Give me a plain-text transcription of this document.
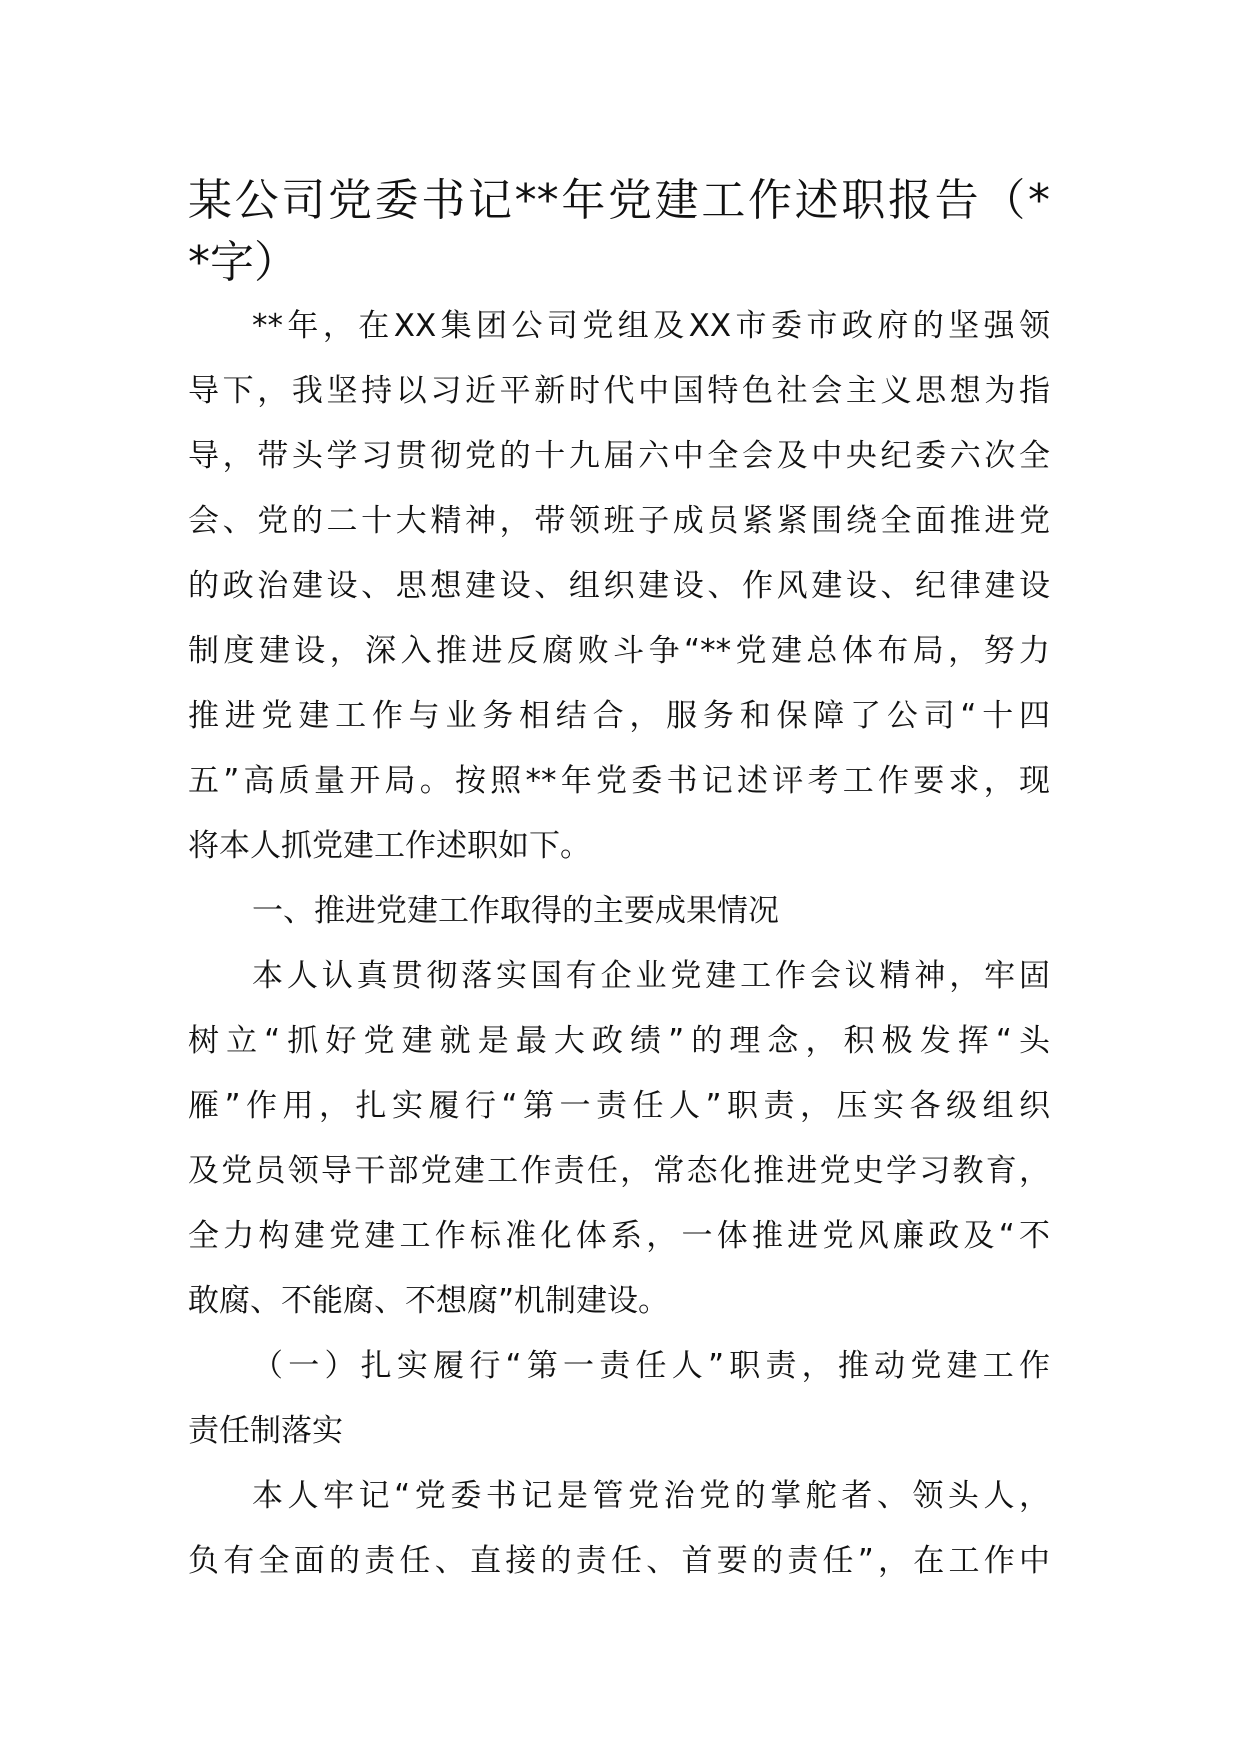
某公司党委书记**年党建工作述职报告（*
*字）
**年，在XX集团公司党组及XX市委市政府的坚强领
导下，我坚持以习近平新时代中国特色社会主义思想为指
导，带头学习贯彻党的十九届六中全会及中央纪委六次全
会、党的二十大精神，带领班子成员紧紧围绕全面推进党
的政治建设、思想建设、组织建设、作风建设、纪律建设
制度建设，深入推进反腐败斗争“**党建总体布局，努力
推进党建工作与业务相结合，服务和保障了公司“十四
五”高质量开局。按照**年党委书记述评考工作要求，现
将本人抓党建工作述职如下。
一、推进党建工作取得的主要成果情况
本人认真贯彻落实国有企业党建工作会议精神，牢固
树立“抓好党建就是最大政绩”的理念，积极发挥“头
雁”作用，扎实履行“第一责任人”职责，压实各级组织
及党员领导干部党建工作责任，常态化推进党史学习教育，
全力构建党建工作标准化体系，一体推进党风廉政及“不
敢腐、不能腐、不想腐”机制建设。
（一）扎实履行“第一责任人”职责，推动党建工作
责任制落实
本人牢记“党委书记是管党治党的掌舵者、领头人，
负有全面的责任、直接的责任、首要的责任”，在工作中
